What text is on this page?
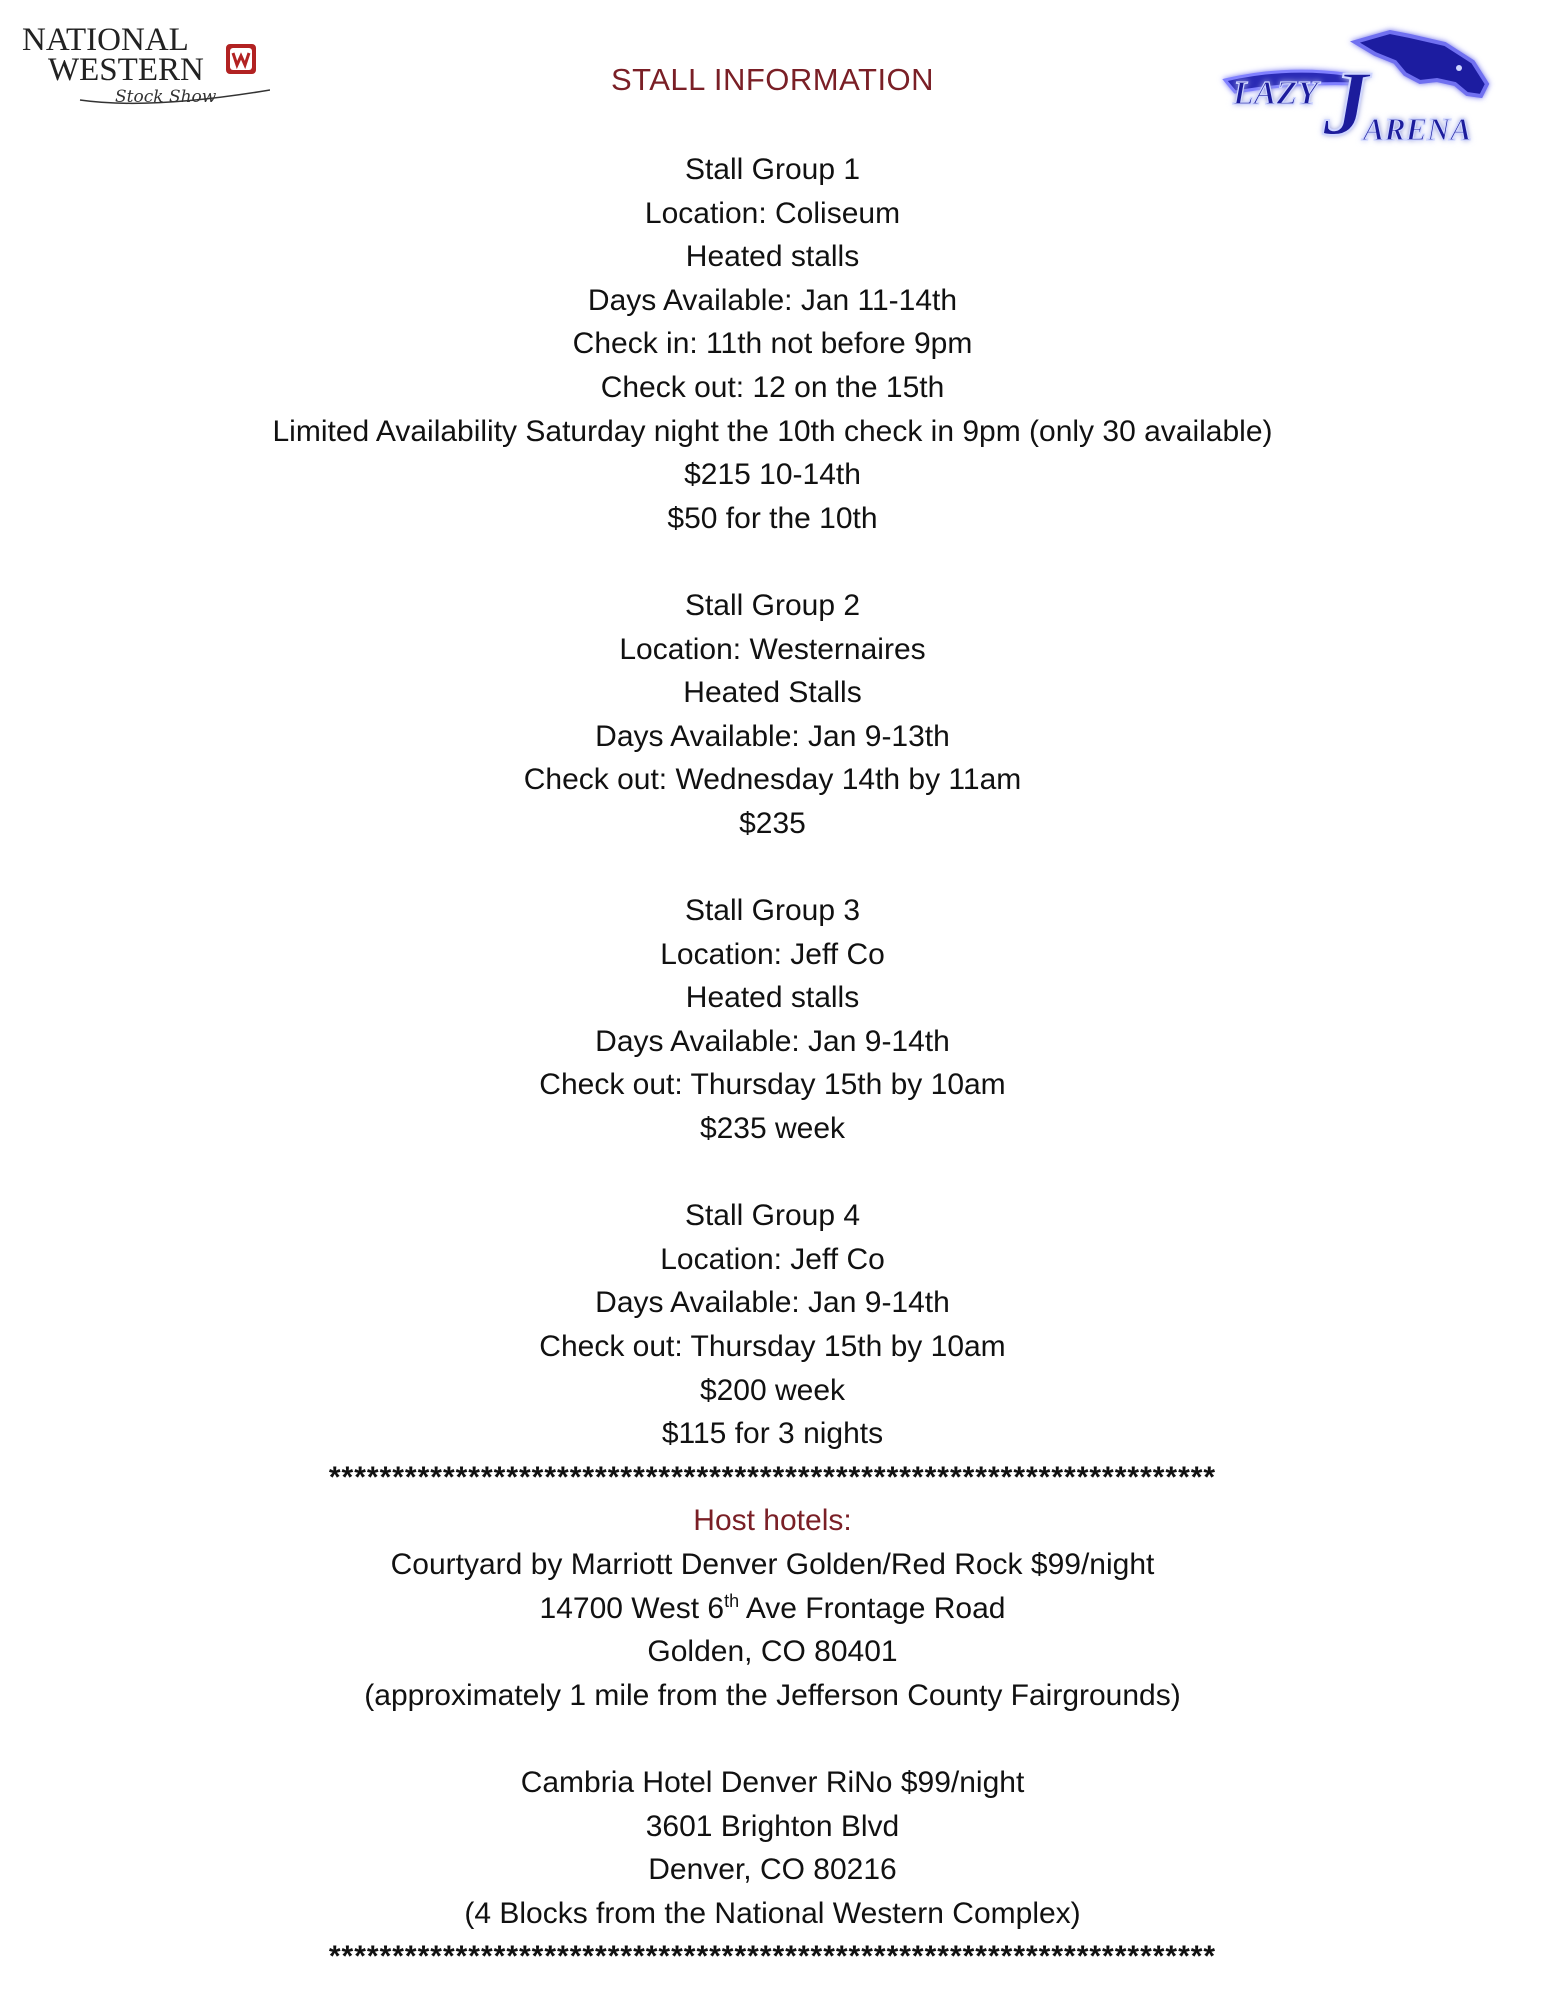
NATIONAL
WESTERN
Stock Show	LAZY J
ARENA
STALL INFORMATION
Stall Group 1
Location: Coliseum
Heated stalls
Days Available: Jan 11-14th
Check in: 11th not before 9pm
Check out: 12 on the 15th
Limited Availability Saturday night the 10th check in 9pm (only 30 available)
$215 10-14th
$50 for the 10th
Stall Group 2
Location: Westernaires
Heated Stalls
Days Available: Jan 9-13th
Check out: Wednesday 14th by 11am
$235
Stall Group 3
Location: Jeff Co
Heated stalls
Days Available: Jan 9-14th
Check out: Thursday 15th by 10am
$235 week
Stall Group 4
Location: Jeff Co
Days Available: Jan 9-14th
Check out: Thursday 15th by 10am
$200 week
$115 for 3 nights
**********************************************************************
Host hotels:
Courtyard by Marriott Denver Golden/Red Rock $99/night
14700 West 6th Ave Frontage Road
Golden, CO 80401
(approximately 1 mile from the Jefferson County Fairgrounds)
Cambria Hotel Denver RiNo $99/night
3601 Brighton Blvd
Denver, CO 80216
(4 Blocks from the National Western Complex)
**********************************************************************
